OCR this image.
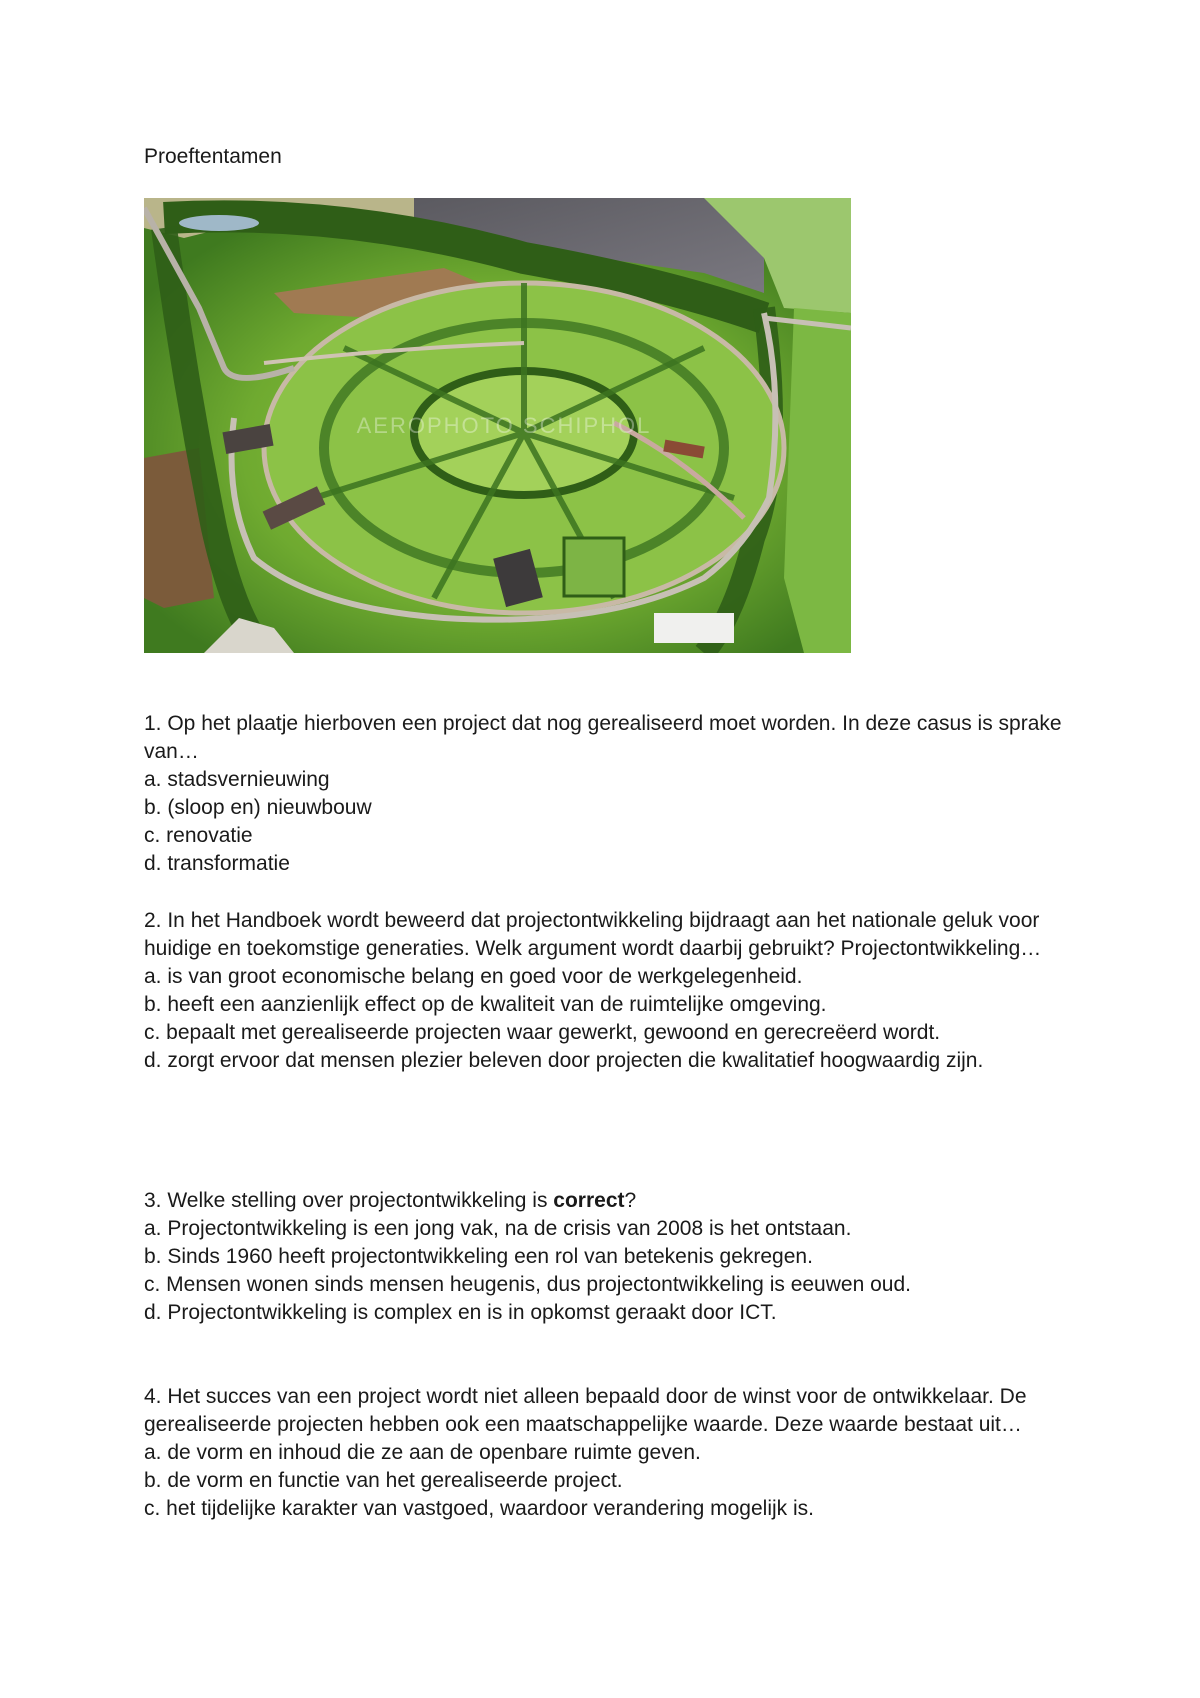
Proeftentamen
AEROPHOTO SCHIPHOL
1. Op het plaatje hierboven een project dat nog gerealiseerd moet worden. In deze casus is sprake van…
a. stadsvernieuwing
b. (sloop en) nieuwbouw
c. renovatie
d. transformatie
2. In het Handboek wordt beweerd dat projectontwikkeling bijdraagt aan het nationale geluk voor huidige en toekomstige generaties. Welk argument wordt daarbij gebruikt? Projectontwikkeling…
a. is van groot economische belang en goed voor de werkgelegenheid.
b. heeft een aanzienlijk effect op de kwaliteit van de ruimtelijke omgeving.
c. bepaalt met gerealiseerde projecten waar gewerkt, gewoond en gerecreëerd wordt.
d. zorgt ervoor dat mensen plezier beleven door projecten die kwalitatief hoogwaardig zijn.
3. Welke stelling over projectontwikkeling is correct?
a. Projectontwikkeling is een jong vak, na de crisis van 2008 is het ontstaan.
b. Sinds 1960 heeft projectontwikkeling een rol van betekenis gekregen.
c. Mensen wonen sinds mensen heugenis, dus projectontwikkeling is eeuwen oud.
d. Projectontwikkeling is complex en is in opkomst geraakt door ICT.
4. Het succes van een project wordt niet alleen bepaald door de winst voor de ontwikkelaar. De gerealiseerde projecten hebben ook een maatschappelijke waarde. Deze waarde bestaat uit…
a. de vorm en inhoud die ze aan de openbare ruimte geven.
b. de vorm en functie van het gerealiseerde project.
c. het tijdelijke karakter van vastgoed, waardoor verandering mogelijk is.
